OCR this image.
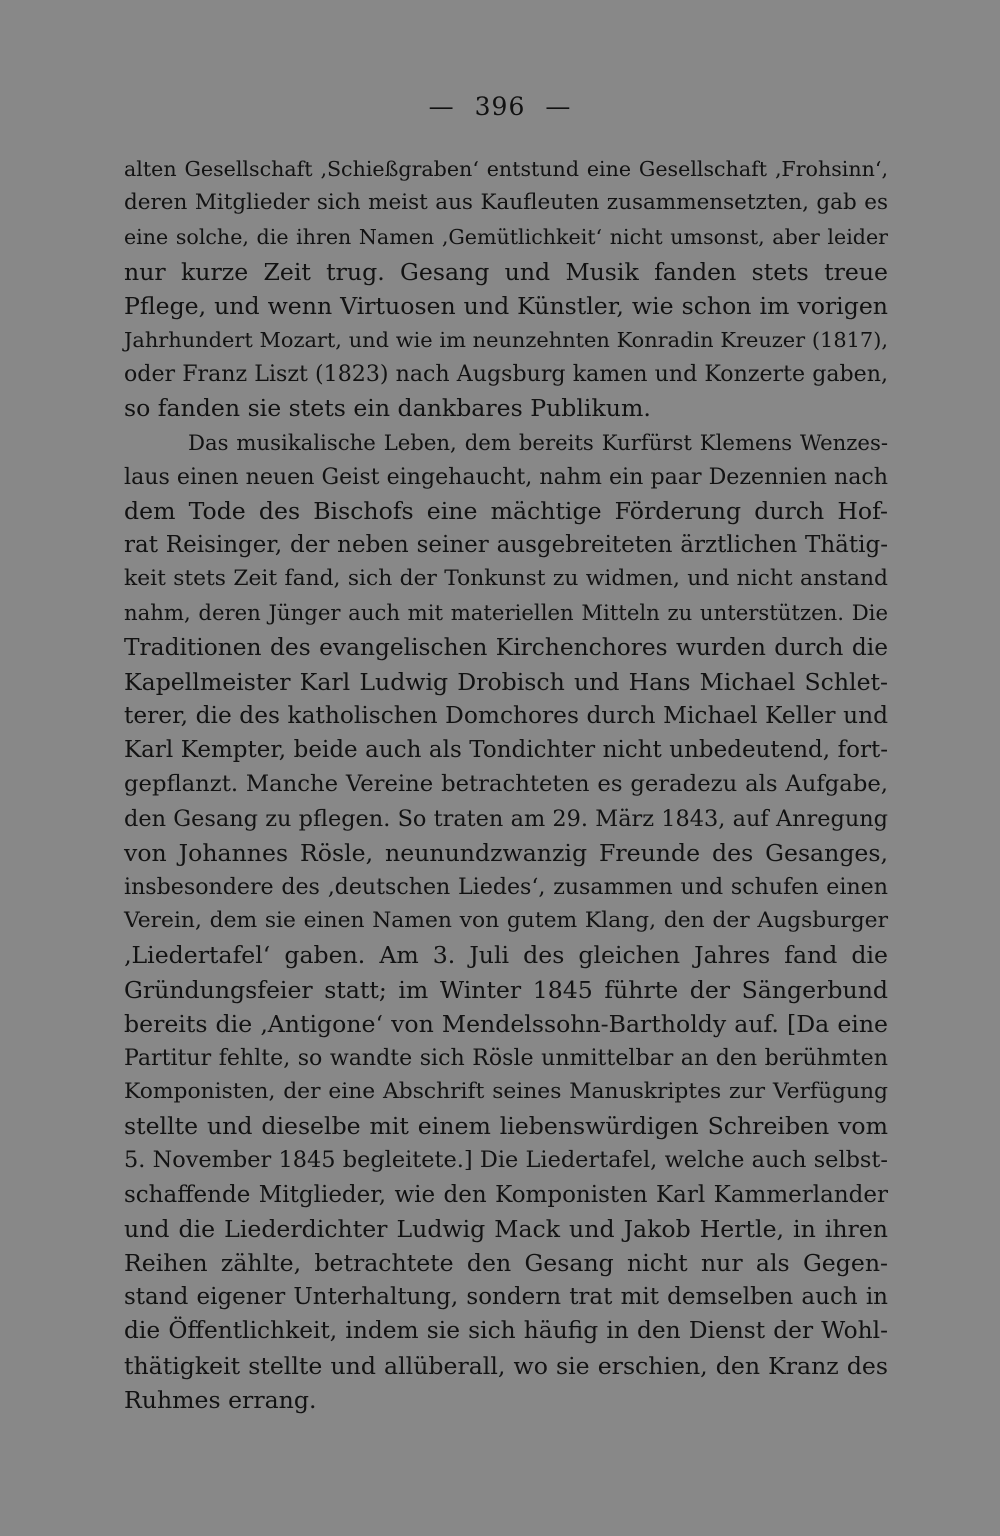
— 396 —
alten Gesellschaft ‚Schießgraben‘ entstund eine Gesellschaft ‚Frohsinn‘,
deren Mitglieder sich meist aus Kaufleuten zusammensetzten, gab es
eine solche, die ihren Namen ‚Gemütlichkeit‘ nicht umsonst, aber leider
nur kurze Zeit trug. Gesang und Musik fanden stets treue
Pflege, und wenn Virtuosen und Künstler, wie schon im vorigen
Jahrhundert Mozart, und wie im neunzehnten Konradin Kreuzer (1817),
oder Franz Liszt (1823) nach Augsburg kamen und Konzerte gaben,
so fanden sie stets ein dankbares Publikum.
Das musikalische Leben, dem bereits Kurfürst Klemens Wenzes-
laus einen neuen Geist eingehaucht, nahm ein paar Dezennien nach
dem Tode des Bischofs eine mächtige Förderung durch Hof-
rat Reisinger, der neben seiner ausgebreiteten ärztlichen Thätig-
keit stets Zeit fand, sich der Tonkunst zu widmen, und nicht anstand
nahm, deren Jünger auch mit materiellen Mitteln zu unterstützen. Die
Traditionen des evangelischen Kirchenchores wurden durch die
Kapellmeister Karl Ludwig Drobisch und Hans Michael Schlet-
terer, die des katholischen Domchores durch Michael Keller und
Karl Kempter, beide auch als Tondichter nicht unbedeutend, fort-
gepflanzt. Manche Vereine betrachteten es geradezu als Aufgabe,
den Gesang zu pflegen. So traten am 29. März 1843, auf Anregung
von Johannes Rösle, neunundzwanzig Freunde des Gesanges,
insbesondere des ‚deutschen Liedes‘, zusammen und schufen einen
Verein, dem sie einen Namen von gutem Klang, den der Augsburger
‚Liedertafel‘ gaben. Am 3. Juli des gleichen Jahres fand die
Gründungsfeier statt; im Winter 1845 führte der Sängerbund
bereits die ‚Antigone‘ von Mendelssohn-Bartholdy auf. [Da eine
Partitur fehlte, so wandte sich Rösle unmittelbar an den berühmten
Komponisten, der eine Abschrift seines Manuskriptes zur Verfügung
stellte und dieselbe mit einem liebenswürdigen Schreiben vom
5. November 1845 begleitete.] Die Liedertafel, welche auch selbst-
schaffende Mitglieder, wie den Komponisten Karl Kammerlander
und die Liederdichter Ludwig Mack und Jakob Hertle, in ihren
Reihen zählte, betrachtete den Gesang nicht nur als Gegen-
stand eigener Unterhaltung, sondern trat mit demselben auch in
die Öffentlichkeit, indem sie sich häufig in den Dienst der Wohl-
thätigkeit stellte und allüberall, wo sie erschien, den Kranz des
Ruhmes errang.
